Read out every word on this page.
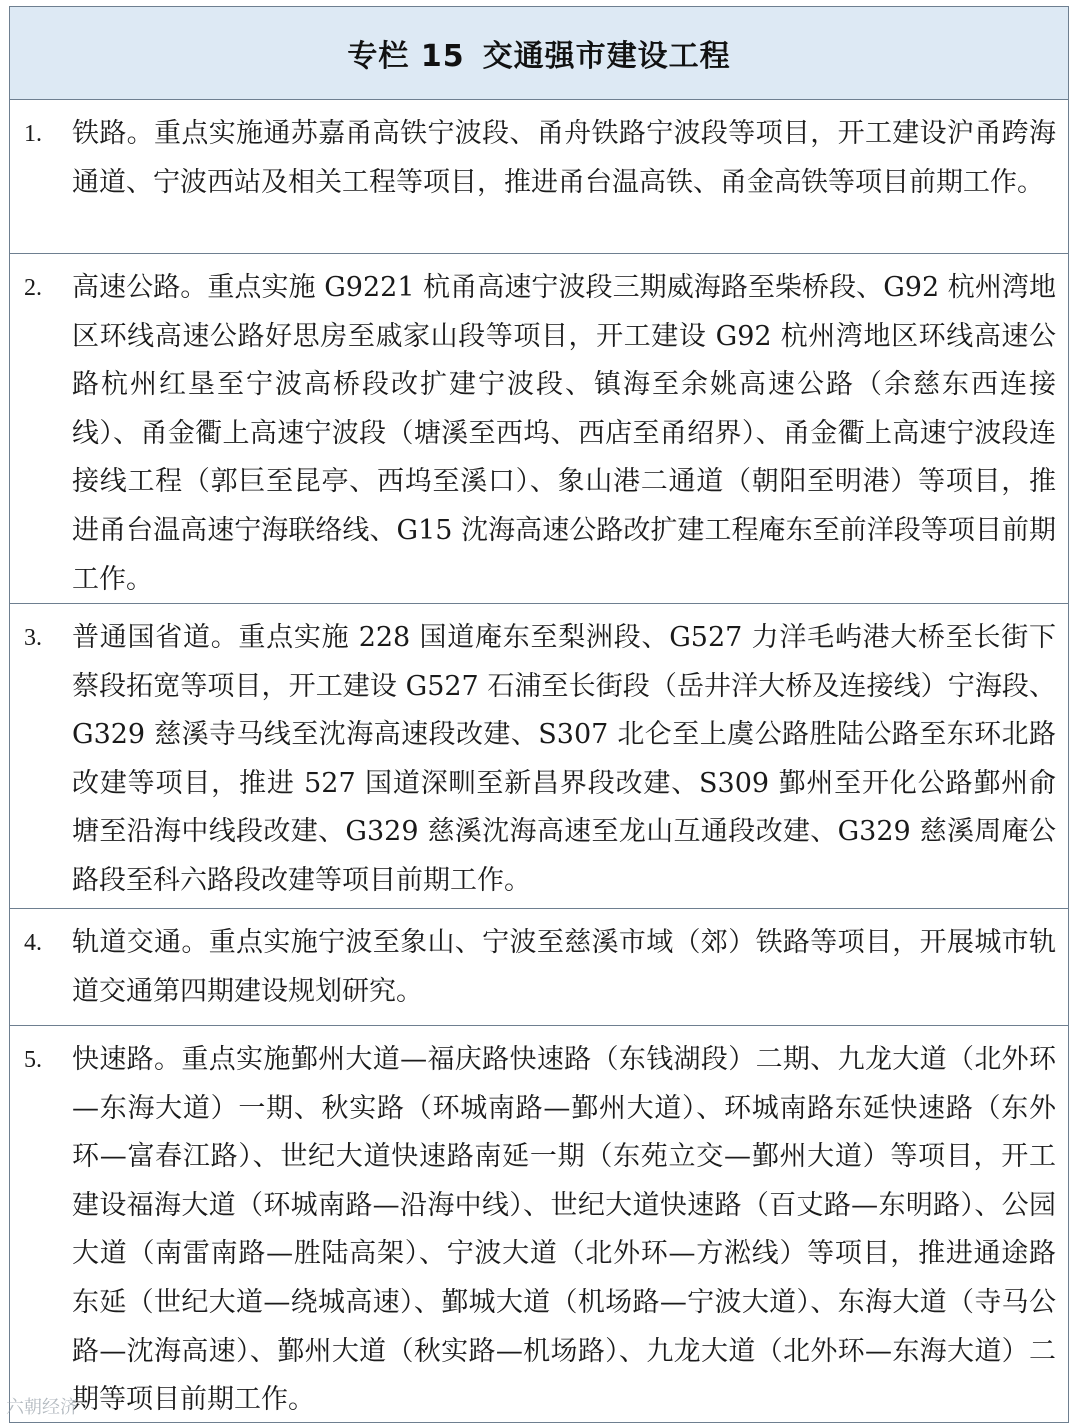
专栏 15 交通强市建设工程
1. 铁路。重点实施通苏嘉甬高铁宁波段、甬舟铁路宁波段等项目，开工建设沪甬跨海通道、宁波西站及相关工程等项目，推进甬台温高铁、甬金高铁等项目前期工作。
2. 高速公路。重点实施 G9221 杭甬高速宁波段三期威海路至柴桥段、G92 杭州湾地区环线高速公路好思房至戚家山段等项目，开工建设 G92 杭州湾地区环线高速公路杭州红垦至宁波高桥段改扩建宁波段、镇海至余姚高速公路（余慈东西连接线）、甬金衢上高速宁波段（塘溪至西坞、西店至甬绍界）、甬金衢上高速宁波段连接线工程（郭巨至昆亭、西坞至溪口）、象山港二通道（朝阳至明港）等项目，推进甬台温高速宁海联络线、G15 沈海高速公路改扩建工程庵东至前洋段等项目前期工作。
3. 普通国省道。重点实施 228 国道庵东至梨洲段、G527 力洋毛屿港大桥至长街下蔡段拓宽等项目，开工建设 G527 石浦至长街段（岳井洋大桥及连接线）宁海段、G329 慈溪寺马线至沈海高速段改建、S307 北仑至上虞公路胜陆公路至东环北路改建等项目，推进 527 国道深甽至新昌界段改建、S309 鄞州至开化公路鄞州俞塘至沿海中线段改建、G329 慈溪沈海高速至龙山互通段改建、G329 慈溪周庵公路段至科六路段改建等项目前期工作。
4. 轨道交通。重点实施宁波至象山、宁波至慈溪市域（郊）铁路等项目，开展城市轨道交通第四期建设规划研究。
5. 快速路。重点实施鄞州大道—福庆路快速路（东钱湖段）二期、九龙大道（北外环—东海大道）一期、秋实路（环城南路—鄞州大道）、环城南路东延快速路（东外环—富春江路）、世纪大道快速路南延一期（东苑立交—鄞州大道）等项目，开工建设福海大道（环城南路—沿海中线）、世纪大道快速路（百丈路—东明路）、公园大道（南雷南路—胜陆高架）、宁波大道（北外环—方淞线）等项目，推进通途路东延（世纪大道—绕城高速）、鄞城大道（机场路—宁波大道）、东海大道（寺马公路—沈海高速）、鄞州大道（秋实路—机场路）、九龙大道（北外环—东海大道）二期等项目前期工作。
六朝经济
